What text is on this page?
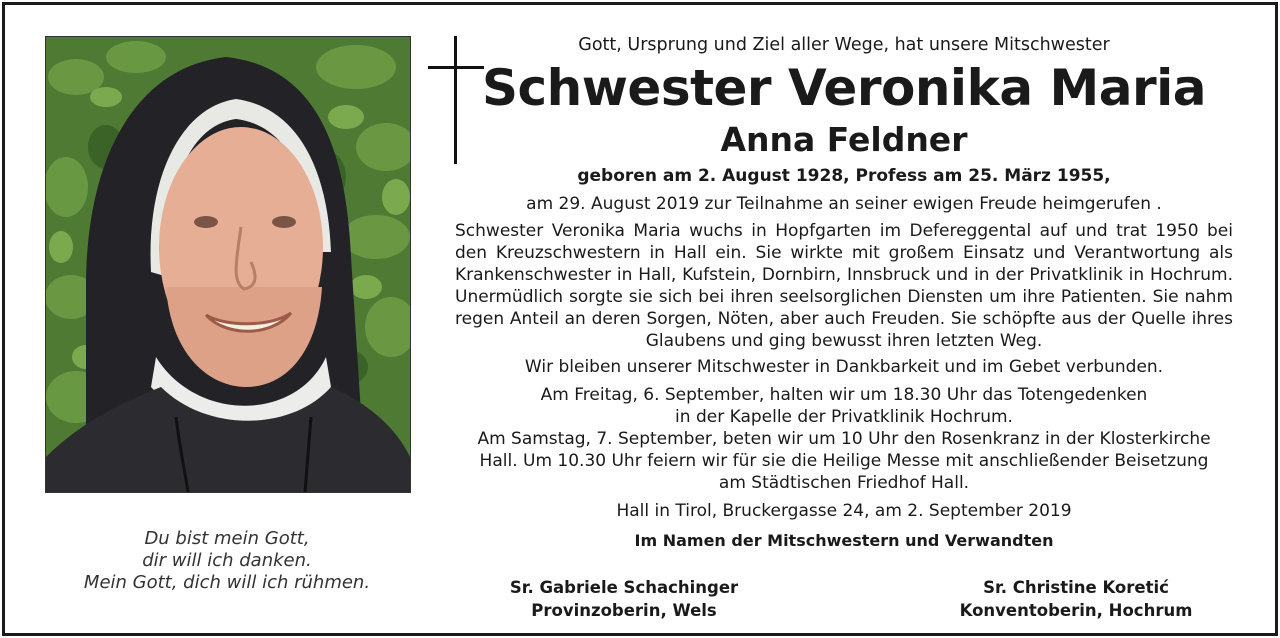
Du bist mein Gott,
dir will ich danken.
Mein Gott, dich will ich rühmen.
Gott, Ursprung und Ziel aller Wege, hat unsere Mitschwester
Schwester Veronika Maria
Anna Feldner
geboren am 2. August 1928, Profess am 25. März 1955,
am 29. August 2019 zur Teilnahme an seiner ewigen Freude heimgerufen .
Schwester Veronika Maria wuchs in Hopfgarten im Defereggental auf und trat 1950 bei den Kreuzschwestern in Hall ein. Sie wirkte mit großem Einsatz und Verantwortung als Krankenschwester in Hall, Kufstein, Dornbirn, Innsbruck und in der Privatklinik in Hochrum. Unermüdlich sorgte sie sich bei ihren seelsorglichen Diensten um ihre Patienten. Sie nahm regen Anteil an deren Sorgen, Nöten, aber auch Freuden. Sie schöpfte aus der Quelle ihres Glaubens und ging bewusst ihren letzten Weg.
Wir bleiben unserer Mitschwester in Dankbarkeit und im Gebet verbunden.
Am Freitag, 6. September, halten wir um 18.30 Uhr das Totengedenken
in der Kapelle der Privatklinik Hochrum.
Am Samstag, 7. September, beten wir um 10 Uhr den Rosenkranz in der Klosterkirche
Hall. Um 10.30 Uhr feiern wir für sie die Heilige Messe mit anschließender Beisetzung
am Städtischen Friedhof Hall.
Hall in Tirol, Bruckergasse 24, am 2. September 2019
Im Namen der Mitschwestern und Verwandten
Sr. Gabriele Schachinger
Provinzoberin, Wels
Sr. Christine Koretić
Konventoberin, Hochrum
